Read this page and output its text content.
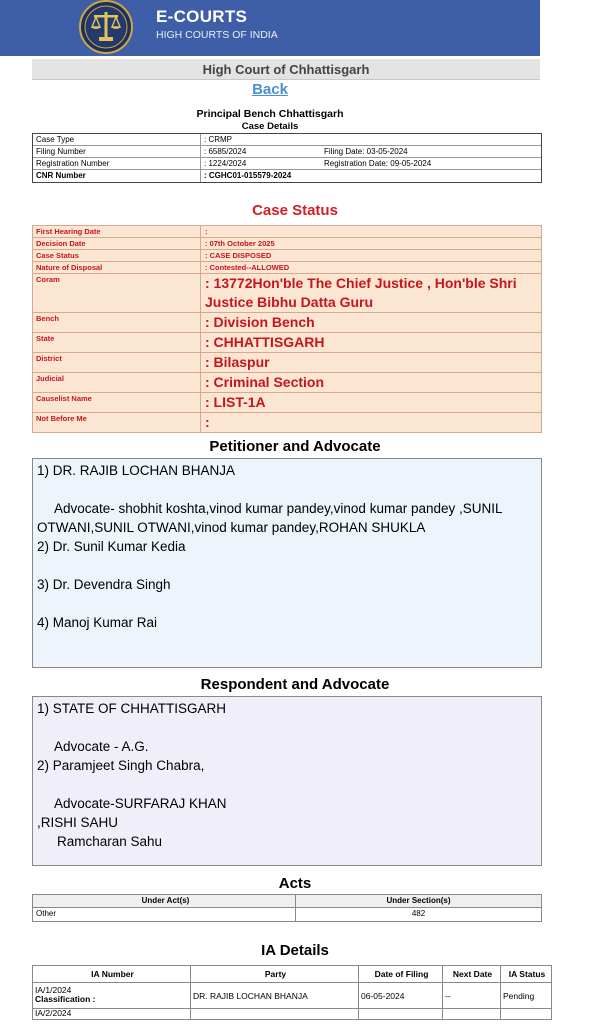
E-COURTS
HIGH COURTS OF INDIA
High Court of Chhattisgarh
Back
Principal Bench Chhattisgarh
Case Details
Case Type	: CRMP
Filing Number	: 6585/2024	Filing Date: 03-05-2024
Registration Number	: 1224/2024	Registration Date: 09-05-2024
CNR Number	: CGHC01-015579-2024
Case Status
First Hearing Date	:
Decision Date	: 07th October 2025
Case Status	: CASE DISPOSED
Nature of Disposal	: Contested--ALLOWED
Coram	: 13772Hon'ble The Chief Justice , Hon'ble Shri
Justice Bibhu Datta Guru
Bench	: Division Bench
State	: CHHATTISGARH
District	: Bilaspur
Judicial	: Criminal Section
Causelist Name	: LIST-1A
Not Before Me	:
Petitioner and Advocate
1) DR. RAJIB LOCHAN BHANJA
Advocate- shobhit koshta,vinod kumar pandey,vinod kumar pandey ,SUNIL
OTWANI,SUNIL OTWANI,vinod kumar pandey,ROHAN SHUKLA
2) Dr. Sunil Kumar Kedia
3) Dr. Devendra Singh
4) Manoj Kumar Rai
Respondent and Advocate
1) STATE OF CHHATTISGARH
Advocate - A.G.
2) Paramjeet Singh Chabra,
Advocate-SURFARAJ KHAN
,RISHI SAHU
Ramcharan Sahu
Acts
Under Act(s)	Under Section(s)
Other	482
IA Details
IA Number	Party	Date of Filing	Next Date	IA Status
IA/1/2024
Classification :	DR. RAJIB LOCHAN BHANJA	06-05-2024	--	Pending
IA/2/2024
